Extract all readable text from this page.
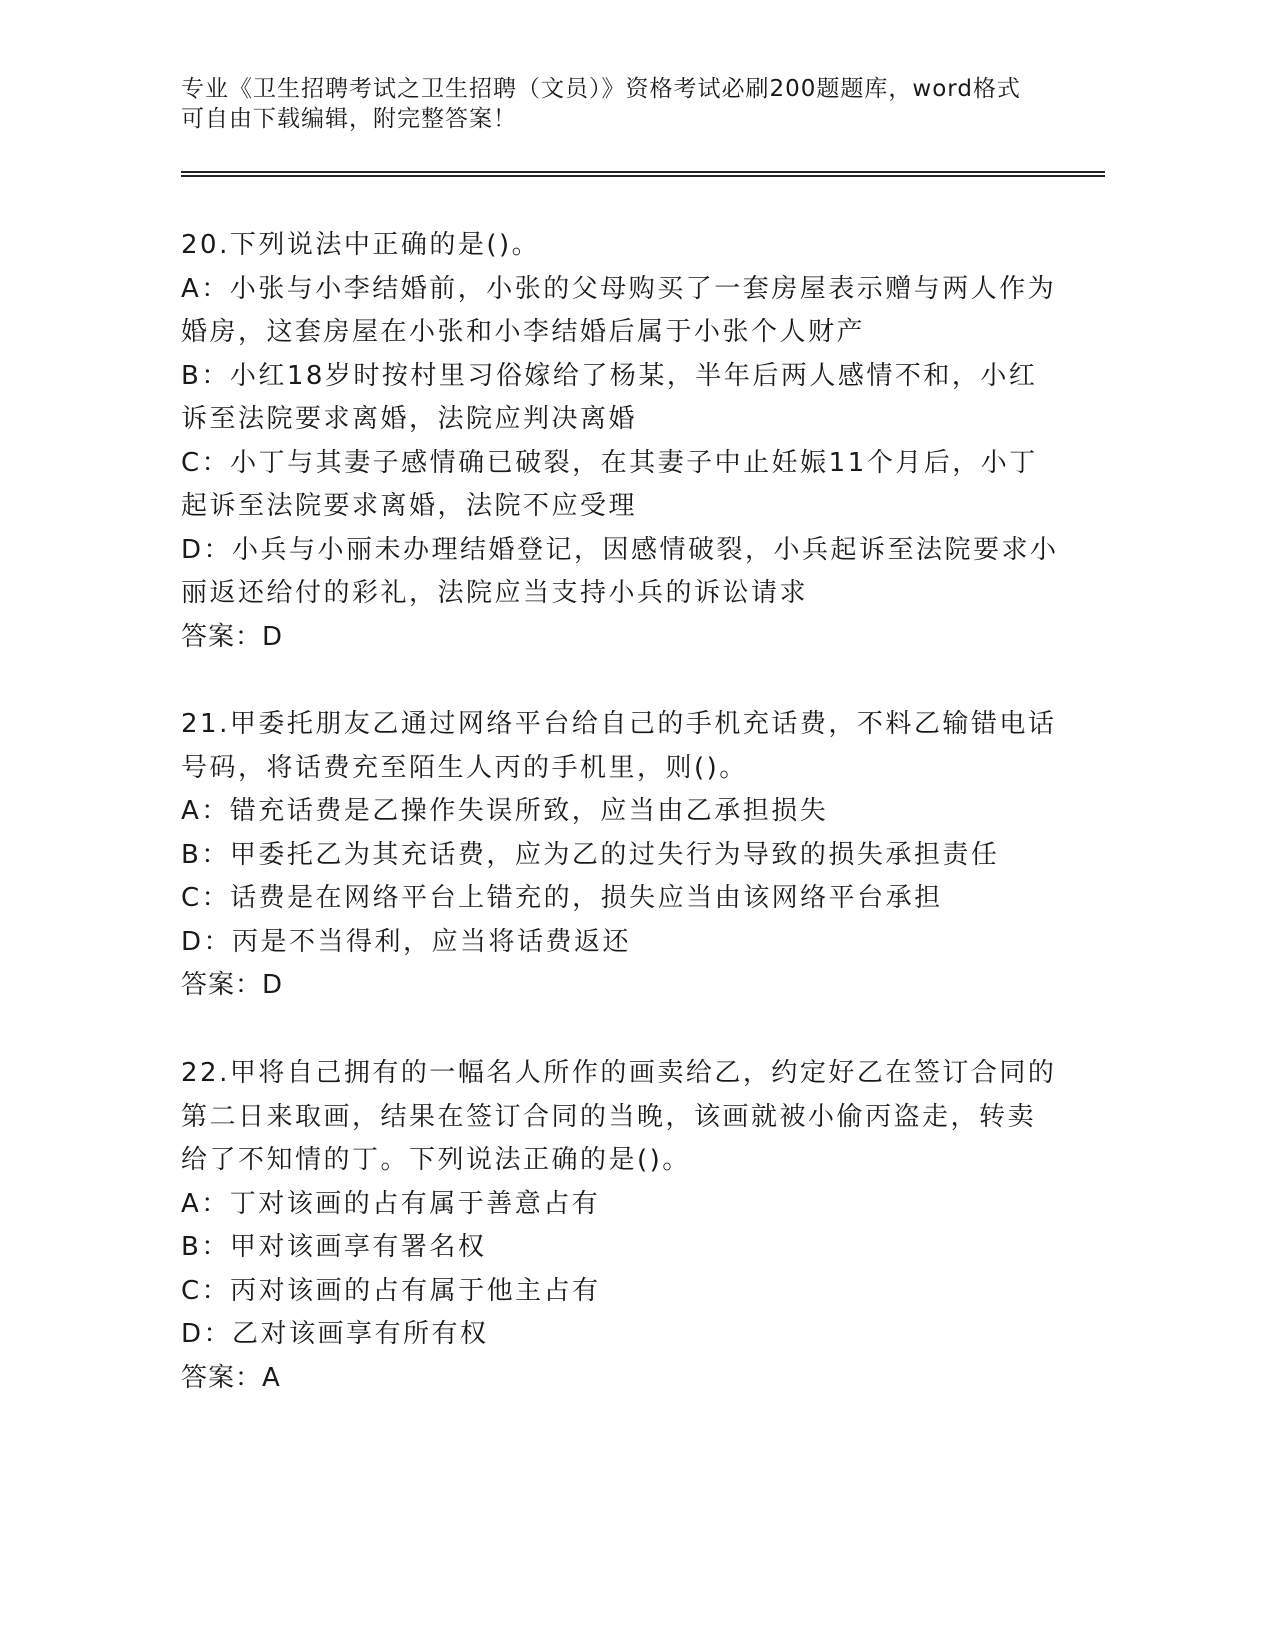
专业《卫生招聘考试之卫生招聘（文员）》资格考试必刷200题题库，word格式
可自由下载编辑，附完整答案！
20.下列说法中正确的是()。
A：小张与小李结婚前，小张的父母购买了一套房屋表示赠与两人作为
婚房，这套房屋在小张和小李结婚后属于小张个人财产
B：小红18岁时按村里习俗嫁给了杨某，半年后两人感情不和，小红
诉至法院要求离婚，法院应判决离婚
C：小丁与其妻子感情确已破裂，在其妻子中止妊娠11个月后，小丁
起诉至法院要求离婚，法院不应受理
D：小兵与小丽未办理结婚登记，因感情破裂，小兵起诉至法院要求小
丽返还给付的彩礼，法院应当支持小兵的诉讼请求
答案：D
21.甲委托朋友乙通过网络平台给自己的手机充话费，不料乙输错电话
号码，将话费充至陌生人丙的手机里，则()。
A：错充话费是乙操作失误所致，应当由乙承担损失
B：甲委托乙为其充话费，应为乙的过失行为导致的损失承担责任
C：话费是在网络平台上错充的，损失应当由该网络平台承担
D：丙是不当得利，应当将话费返还
答案：D
22.甲将自己拥有的一幅名人所作的画卖给乙，约定好乙在签订合同的
第二日来取画，结果在签订合同的当晚，该画就被小偷丙盗走，转卖
给了不知情的丁。下列说法正确的是()。
A：丁对该画的占有属于善意占有
B：甲对该画享有署名权
C：丙对该画的占有属于他主占有
D：乙对该画享有所有权
答案：A
